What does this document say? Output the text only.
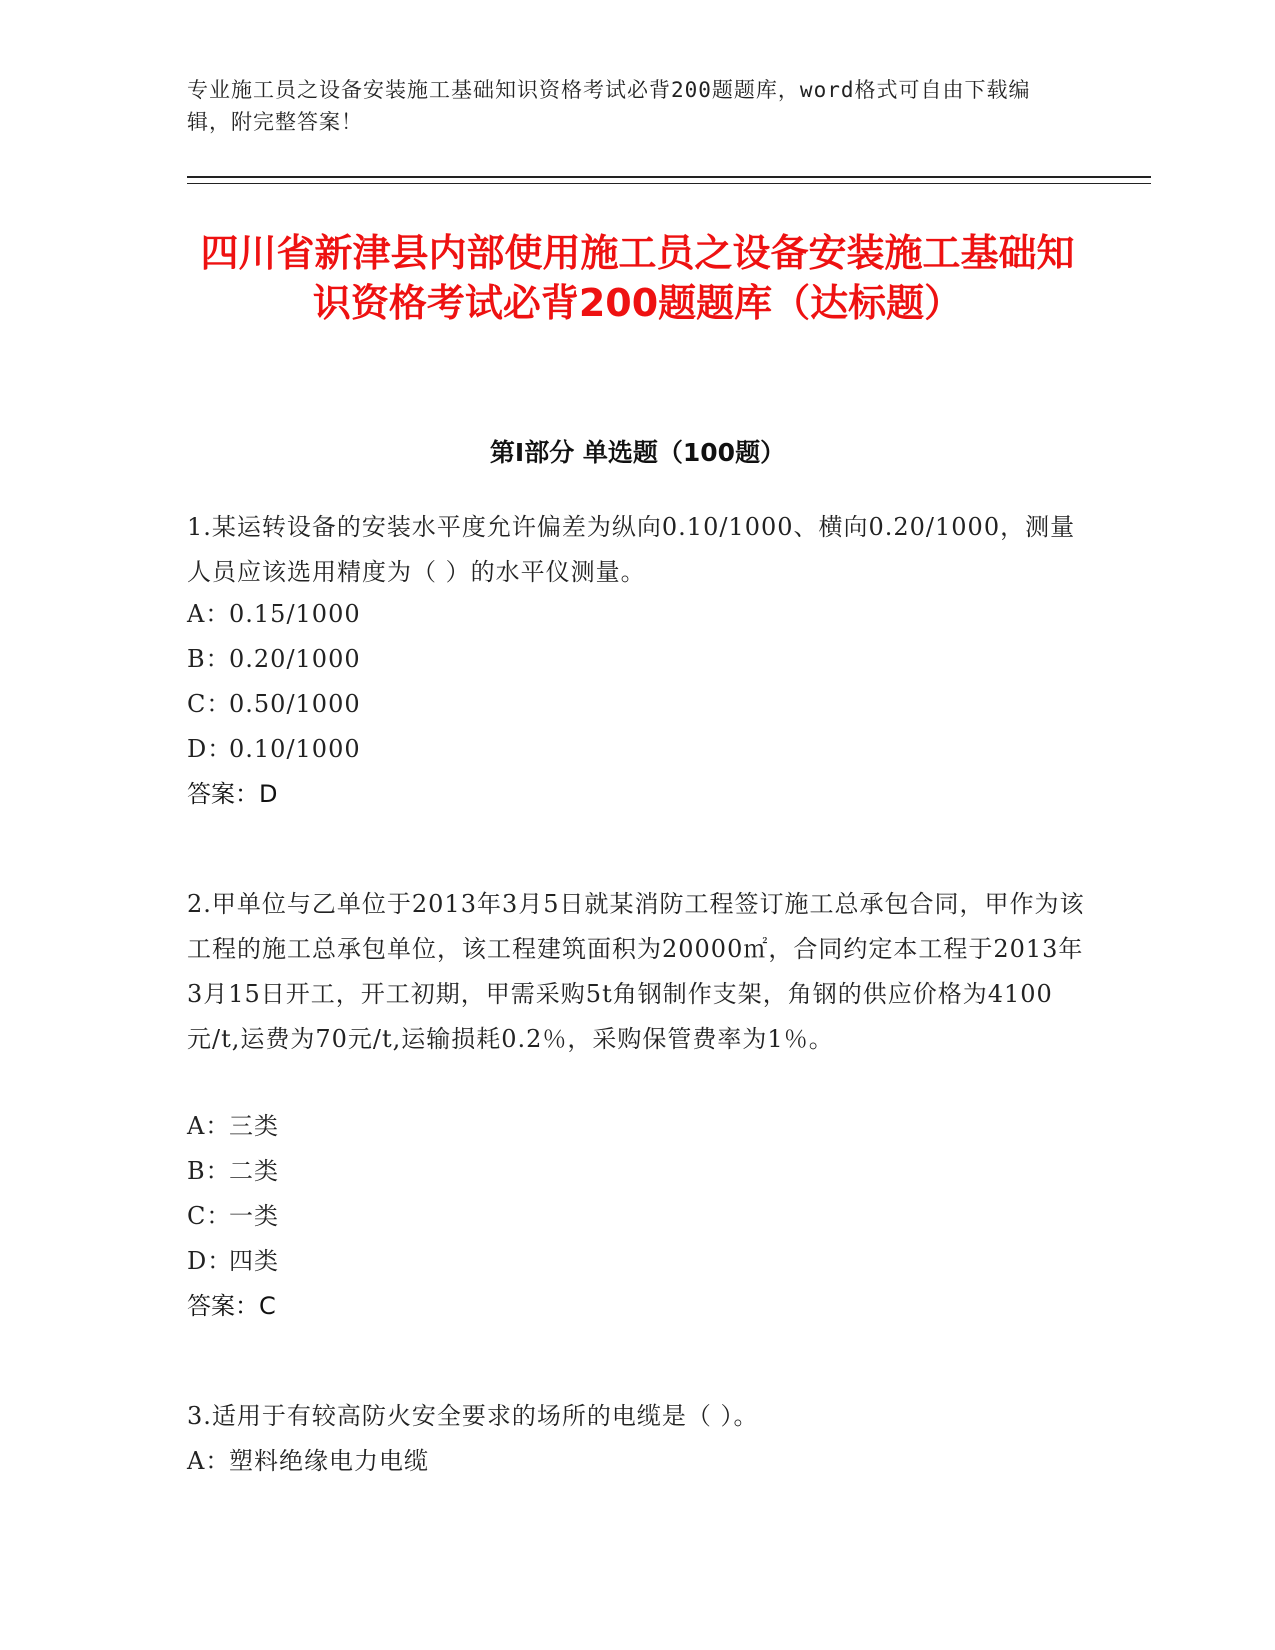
专业施工员之设备安装施工基础知识资格考试必背200题题库，word格式可自由下载编辑，附完整答案！
四川省新津县内部使用施工员之设备安装施工基础知识资格考试必背200题题库（达标题）
第I部分 单选题（100题）
1.某运转设备的安装水平度允许偏差为纵向0.10/1000、横向0.20/1000，测量人员应该选用精度为（ ）的水平仪测量。
A：0.15/1000
B：0.20/1000
C：0.50/1000
D：0.10/1000
答案：D
2.甲单位与乙单位于2013年3月5日就某消防工程签订施工总承包合同，甲作为该工程的施工总承包单位，该工程建筑面积为20000㎡，合同约定本工程于2013年3月15日开工，开工初期，甲需采购5t角钢制作支架，角钢的供应价格为4100元/t,运费为70元/t,运输损耗0.2％，采购保管费率为1％。
A：三类
B：二类
C：一类
D：四类
答案：C
3.适用于有较高防火安全要求的场所的电缆是（ ）。
A：塑料绝缘电力电缆
